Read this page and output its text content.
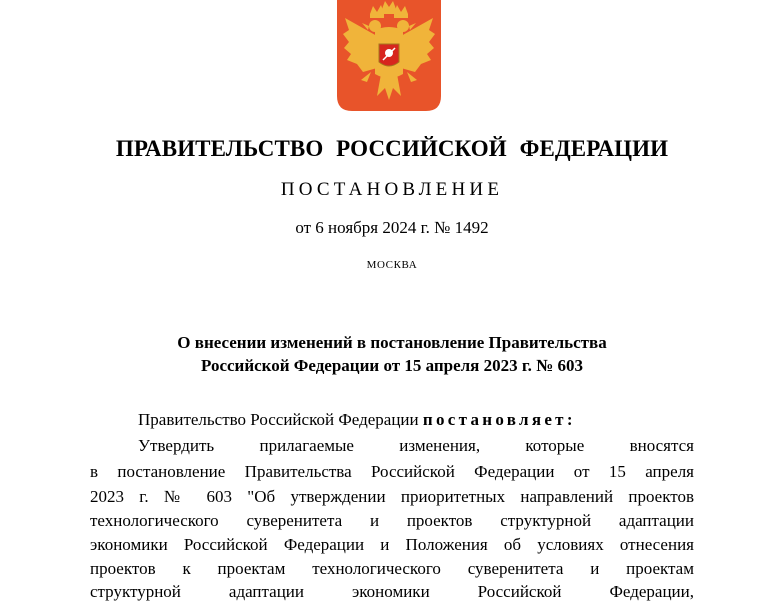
ПРАВИТЕЛЬСТВО РОССИЙСКОЙ ФЕДЕРАЦИИ
ПОСТАНОВЛЕНИЕ
от 6 ноября 2024 г. № 1492
МОСКВА
О внесении изменений в постановление Правительства
Российской Федерации от 15 апреля 2023 г. № 603
Правительство Российской Федерации постановляет:
Утвердить прилагаемые изменения, которые вносятся
в постановление Правительства Российской Федерации от 15 апреля
2023 г. № 603 "Об утверждении приоритетных направлений проектов
технологического суверенитета и проектов структурной адаптации
экономики Российской Федерации и Положения об условиях отнесения
проектов к проектам технологического суверенитета и проектам
структурной адаптации экономики Российской Федерации,
